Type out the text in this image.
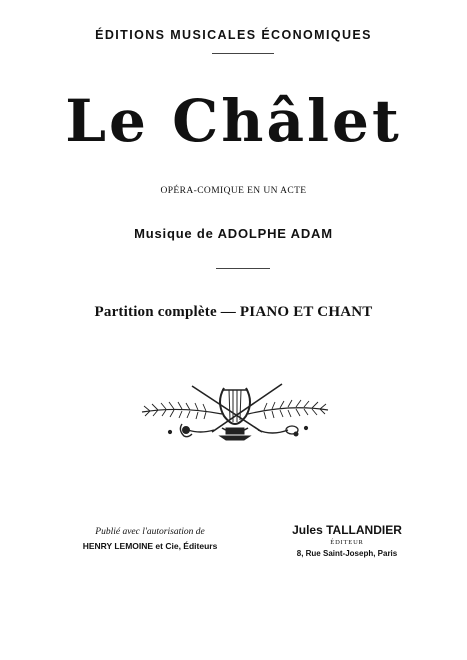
ÉDITIONS MUSICALES ÉCONOMIQUES
Le Châlet
OPÉRA-COMIQUE EN UN ACTE
Musique de ADOLPHE ADAM
Partition complète — PIANO ET CHANT
Publié avec l'autorisation de
HENRY LEMOINE et Cie, Éditeurs
Jules TALLANDIER
ÉDITEUR
8, Rue Saint-Joseph, Paris
